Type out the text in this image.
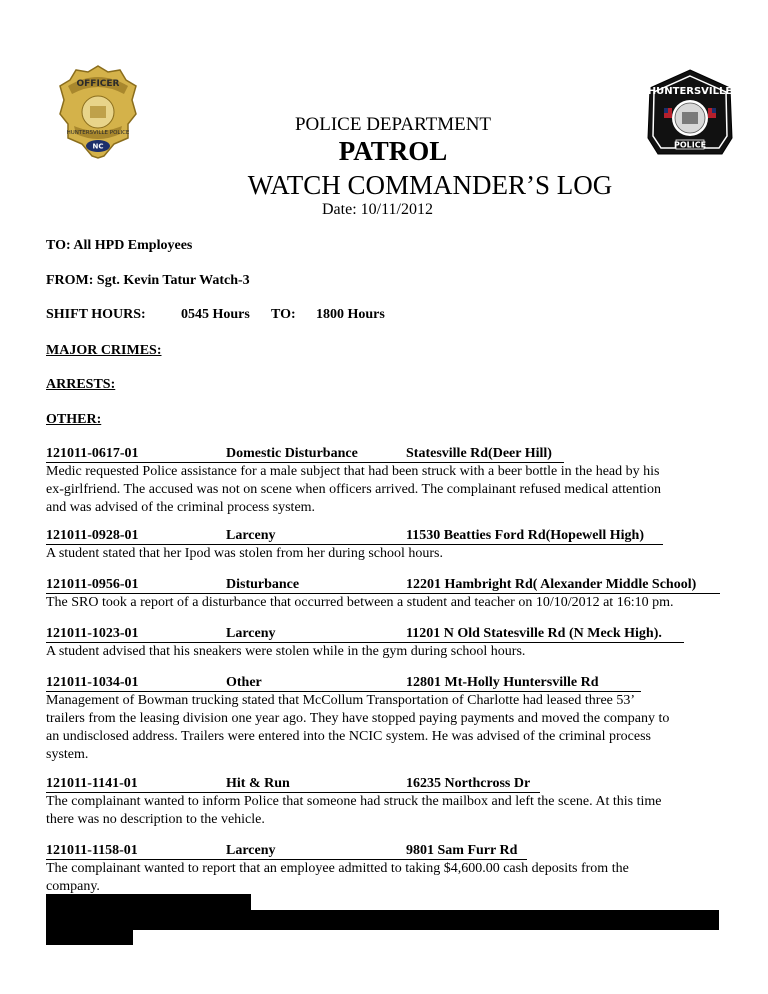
OFFICER
HUNTERSVILLE POLICE
NC
HUNTERSVILLE
POLICE
POLICE DEPARTMENT
PATROL
WATCH COMMANDER’S LOG
Date: 10/11/2012
TO: All HPD Employees
FROM: Sgt. Kevin Tatur Watch-3
SHIFT HOURS:	0545 Hours TO: 1800 Hours
MAJOR CRIMES:
ARRESTS:
OTHER:
121011-0617-01	Domestic Disturbance	Statesville Rd(Deer Hill)
Medic requested Police assistance for a male subject that had been struck with a beer bottle in the head by his
ex-girlfriend. The accused was not on scene when officers arrived. The complainant refused medical attention
and was advised of the criminal process system.
121011-0928-01	Larceny	11530 Beatties Ford Rd(Hopewell High)
A student stated that her Ipod was stolen from her during school hours.
121011-0956-01	Disturbance	12201 Hambright Rd( Alexander Middle School)
The SRO took a report of a disturbance that occurred between a student and teacher on 10/10/2012 at 16:10 pm.
121011-1023-01	Larceny	11201 N Old Statesville Rd (N Meck High).
A student advised that his sneakers were stolen while in the gym during school hours.
121011-1034-01	Other	12801 Mt-Holly Huntersville Rd
Management of Bowman trucking stated that McCollum Transportation of Charlotte had leased three 53’
trailers from the leasing division one year ago. They have stopped paying payments and moved the company to
an undisclosed address. Trailers were entered into the NCIC system. He was advised of the criminal process
system.
121011-1141-01	Hit & Run	16235 Northcross Dr
The complainant wanted to inform Police that someone had struck the mailbox and left the scene. At this time
there was no description to the vehicle.
121011-1158-01	Larceny	9801 Sam Furr Rd
The complainant wanted to report that an employee admitted to taking $4,600.00 cash deposits from the
company.
